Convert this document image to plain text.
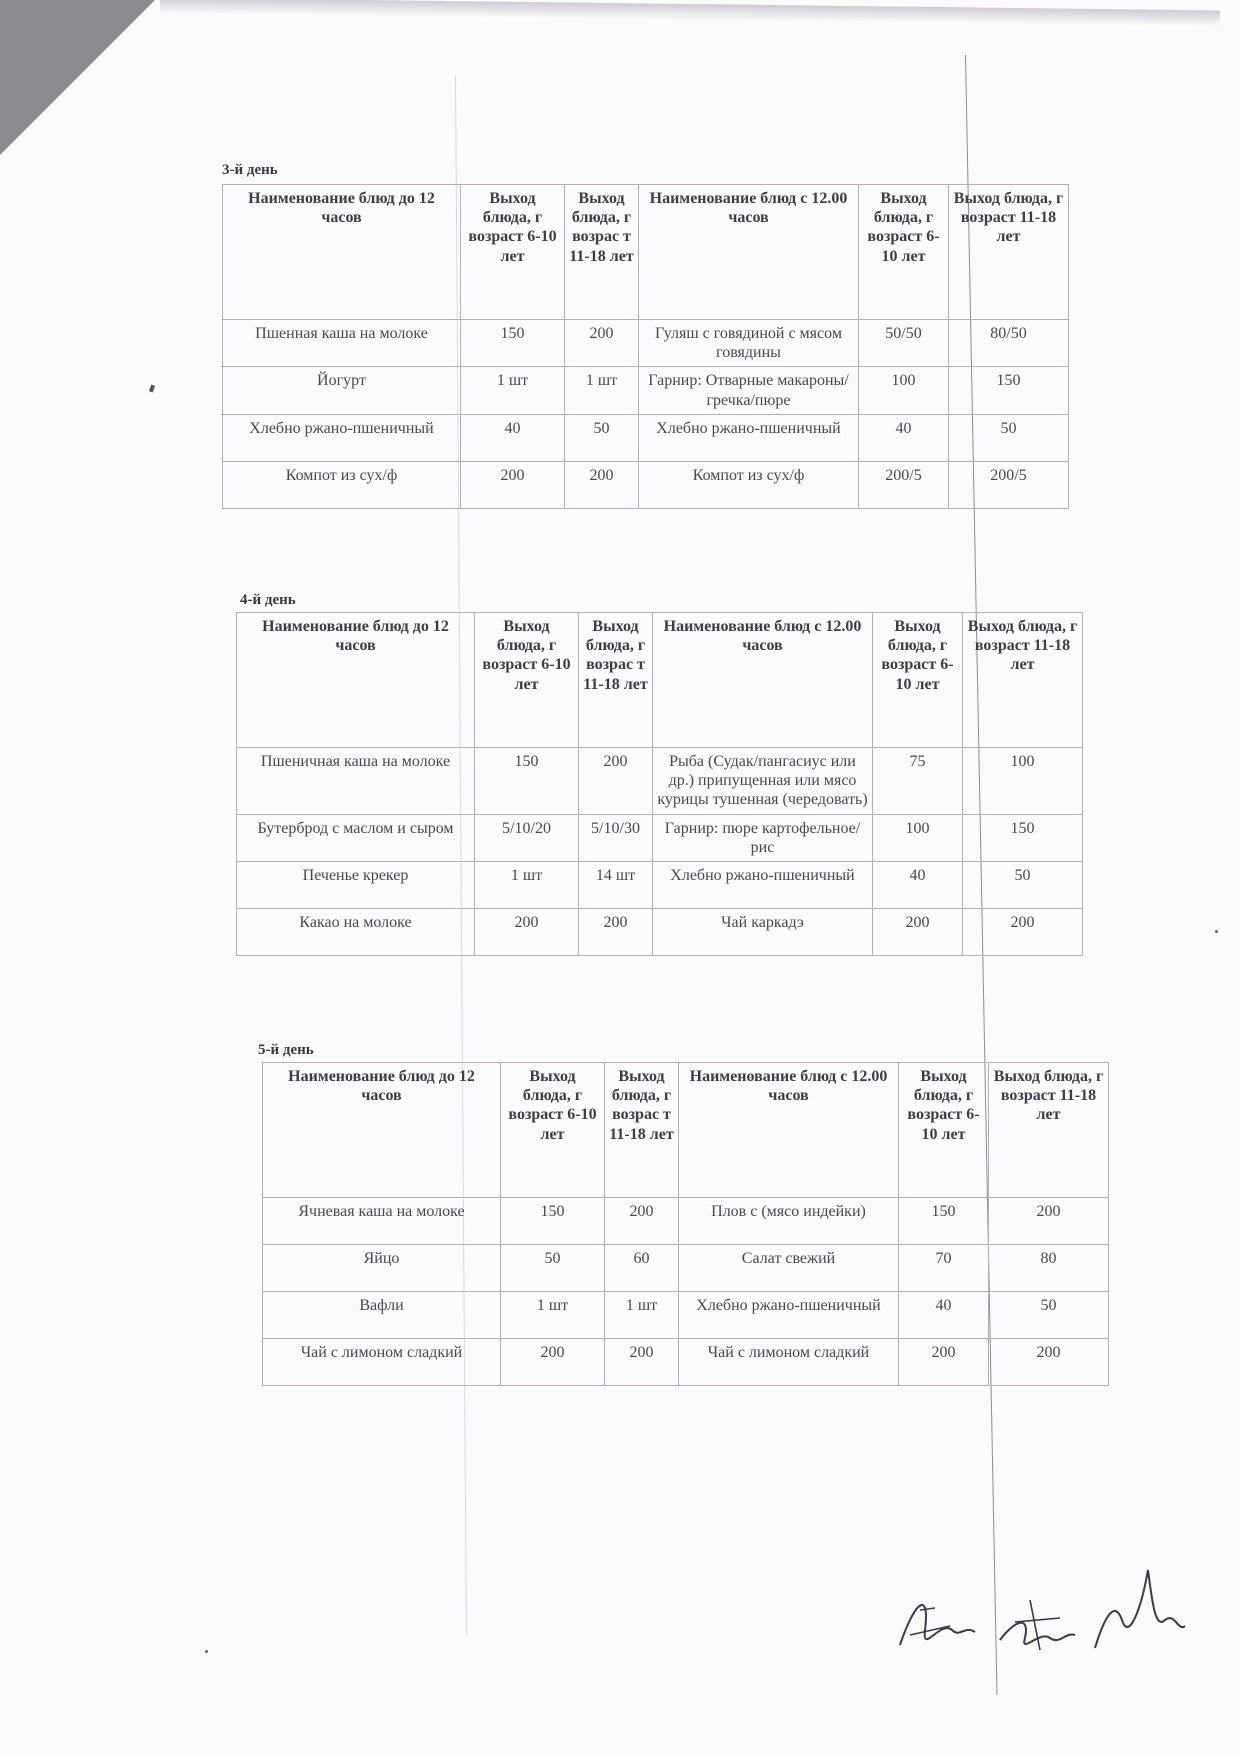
3-й день
Наименование блюд до 12 часов	Выход блюда, г возраст 6-10 лет	Выход блюда, г возрас т 11-18 лет	Наименование блюд с 12.00 часов	Выход блюда, г возраст 6-10 лет	Выход блюда, г возраст 11-18 лет
Пшенная каша на молоке	150	200	Гуляш с говядиной с мясом говядины	50/50	80/50
Йогурт	1 шт	1 шт	Гарнир: Отварные макароны/ гречка/пюре	100	150
Хлебно ржано-пшеничный	40	50	Хлебно ржано-пшеничный	40	50
Компот из сух/ф	200	200	Компот из сух/ф	200/5	200/5
4-й день
Наименование блюд до 12 часов	Выход блюда, г возраст 6-10 лет	Выход блюда, г возрас т 11-18 лет	Наименование блюд с 12.00 часов	Выход блюда, г возраст 6-10 лет	Выход блюда, г возраст 11-18 лет
Пшеничная каша на молоке	150	200	Рыба (Судак/пангасиус или др.) припущенная или мясо курицы тушенная (чередовать)	75	100
Бутерброд с маслом и сыром	5/10/20	5/10/30	Гарнир: пюре картофельное/рис	100	150
Печенье крекер	1 шт	14 шт	Хлебно ржано-пшеничный	40	50
Какао на молоке	200	200	Чай каркадэ	200	200
5-й день
Наименование блюд до 12 часов	Выход блюда, г возраст 6-10 лет	Выход блюда, г возрас т 11-18 лет	Наименование блюд с 12.00 часов	Выход блюда, г возраст 6-10 лет	Выход блюда, г возраст 11-18 лет
Ячневая каша на молоке	150	200	Плов с (мясо индейки)	150	200
Яйцо	50	60	Салат свежий	70	80
Вафли	1 шт	1 шт	Хлебно ржано-пшеничный	40	50
Чай с лимоном сладкий	200	200	Чай с лимоном сладкий	200	200
